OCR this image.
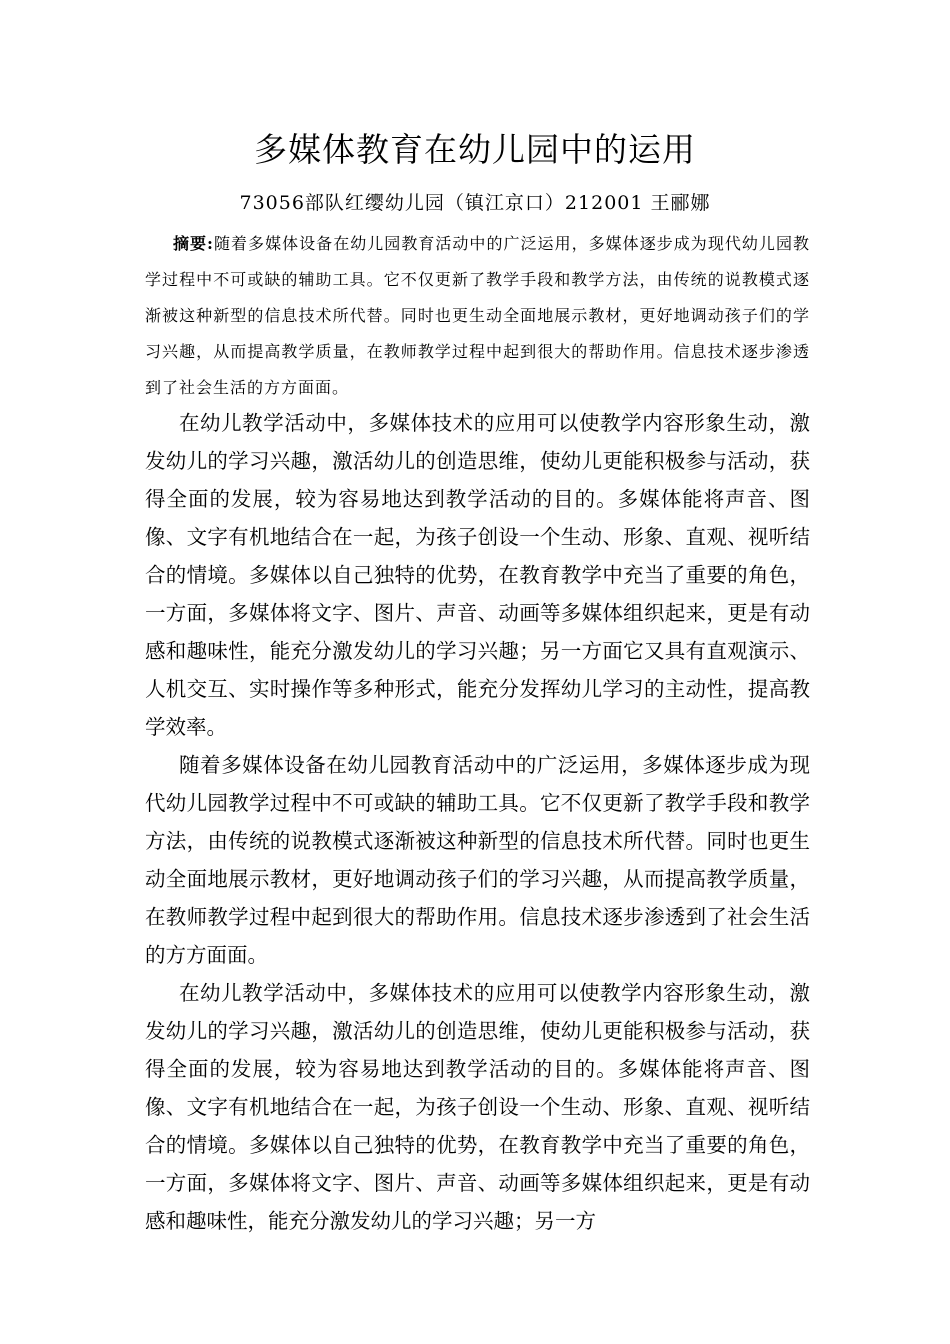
多媒体教育在幼儿园中的运用
73056部队红缨幼儿园（镇江京口）212001 王郦娜
摘要:随着多媒体设备在幼儿园教育活动中的广泛运用，多媒体逐步成为现代幼儿园教学过程中不可或缺的辅助工具。它不仅更新了教学手段和教学方法，由传统的说教模式逐渐被这种新型的信息技术所代替。同时也更生动全面地展示教材，更好地调动孩子们的学习兴趣，从而提高教学质量，在教师教学过程中起到很大的帮助作用。信息技术逐步渗透到了社会生活的方方面面。

在幼儿教学活动中，多媒体技术的应用可以使教学内容形象生动，激发幼儿的学习兴趣，激活幼儿的创造思维，使幼儿更能积极参与活动，获得全面的发展，较为容易地达到教学活动的目的。多媒体能将声音、图像、文字有机地结合在一起，为孩子创设一个生动、形象、直观、视听结合的情境。多媒体以自己独特的优势，在教育教学中充当了重要的角色，一方面，多媒体将文字、图片、声音、动画等多媒体组织起来，更是有动感和趣味性，能充分激发幼儿的学习兴趣；另一方面它又具有直观演示、人机交互、实时操作等多种形式，能充分发挥幼儿学习的主动性，提高教学效率。

随着多媒体设备在幼儿园教育活动中的广泛运用，多媒体逐步成为现代幼儿园教学过程中不可或缺的辅助工具。它不仅更新了教学手段和教学方法，由传统的说教模式逐渐被这种新型的信息技术所代替。同时也更生动全面地展示教材，更好地调动孩子们的学习兴趣，从而提高教学质量，在教师教学过程中起到很大的帮助作用。信息技术逐步渗透到了社会生活的方方面面。

在幼儿教学活动中，多媒体技术的应用可以使教学内容形象生动，激发幼儿的学习兴趣，激活幼儿的创造思维，使幼儿更能积极参与活动，获得全面的发展，较为容易地达到教学活动的目的。多媒体能将声音、图像、文字有机地结合在一起，为孩子创设一个生动、形象、直观、视听结合的情境。多媒体以自己独特的优势，在教育教学中充当了重要的角色，一方面，多媒体将文字、图片、声音、动画等多媒体组织起来，更是有动感和趣味性，能充分激发幼儿的学习兴趣；另一方
